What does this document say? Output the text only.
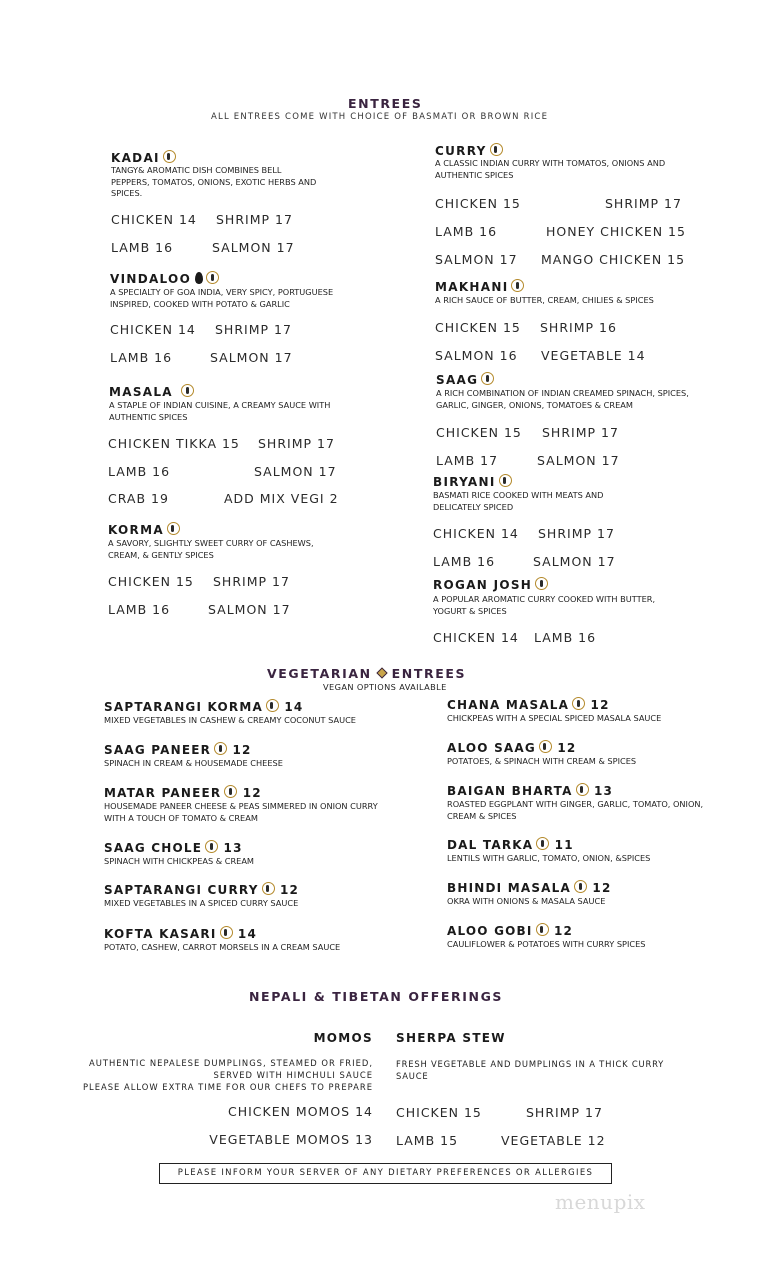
ENTREES
ALL ENTREES COME WITH CHOICE OF BASMATI OR BROWN RICE
KADAI
TANGY& AROMATIC DISH COMBINES BELL PEPPERS, TOMATOS, ONIONS, EXOTIC HERBS AND SPICES.
CHICKEN 14 SHRIMP 17
LAMB 16	SALMON 17
VINDALOO
A SPECIALTY OF GOA INDIA, VERY SPICY, PORTUGUESE INSPIRED, COOKED WITH POTATO & GARLIC
CHICKEN 14 SHRIMP 17
LAMB 16	SALMON 17
MASALA
A STAPLE OF INDIAN CUISINE, A CREAMY SAUCE WITH AUTHENTIC SPICES
CHICKEN TIKKA 15 SHRIMP 17
LAMB 16	SALMON 17
CRAB 19	ADD MIX VEGI 2
KORMA
A SAVORY, SLIGHTLY SWEET CURRY OF CASHEWS, CREAM, & GENTLY SPICES
CHICKEN 15 SHRIMP 17
LAMB 16	SALMON 17
CURRY
A CLASSIC INDIAN CURRY WITH TOMATOS, ONIONS AND AUTHENTIC SPICES
CHICKEN 15	SHRIMP 17
LAMB 16	HONEY CHICKEN 15
SALMON 17 MANGO CHICKEN 15
MAKHANI
A RICH SAUCE OF BUTTER, CREAM, CHILIES & SPICES
CHICKEN 15 SHRIMP 16
SALMON 16 VEGETABLE 14
SAAG
A RICH COMBINATION OF INDIAN CREAMED SPINACH, SPICES, GARLIC, GINGER, ONIONS, TOMATOES & CREAM
CHICKEN 15 SHRIMP 17
LAMB 17	SALMON 17
BIRYANI
BASMATI RICE COOKED WITH MEATS AND DELICATELY SPICED
CHICKEN 14 SHRIMP 17
LAMB 16	SALMON 17
ROGAN JOSH
A POPULAR AROMATIC CURRY COOKED WITH BUTTER, YOGURT & SPICES
CHICKEN 14 LAMB 16
VEGETARIAN ENTREES
VEGAN OPTIONS AVAILABLE
SAPTARANGI KORMA 14
MIXED VEGETABLES IN CASHEW & CREAMY COCONUT SAUCE
SAAG PANEER 12
SPINACH IN CREAM & HOUSEMADE CHEESE
MATAR PANEER 12
HOUSEMADE PANEER CHEESE & PEAS SIMMERED IN ONION CURRY WITH A TOUCH OF TOMATO & CREAM
SAAG CHOLE 13
SPINACH WITH CHICKPEAS & CREAM
SAPTARANGI CURRY 12
MIXED VEGETABLES IN A SPICED CURRY SAUCE
KOFTA KASARI 14
POTATO, CASHEW, CARROT MORSELS IN A CREAM SAUCE
CHANA MASALA 12
CHICKPEAS WITH A SPECIAL SPICED MASALA SAUCE
ALOO SAAG 12
POTATOES, & SPINACH WITH CREAM & SPICES
BAIGAN BHARTA 13
ROASTED EGGPLANT WITH GINGER, GARLIC, TOMATO, ONION, CREAM & SPICES
DAL TARKA 11
LENTILS WITH GARLIC, TOMATO, ONION, &SPICES
BHINDI MASALA 12
OKRA WITH ONIONS & MASALA SAUCE
ALOO GOBI 12
CAULIFLOWER & POTATOES WITH CURRY SPICES
NEPALI & TIBETAN OFFERINGS
MOMOS
AUTHENTIC NEPALESE DUMPLINGS, STEAMED OR FRIED,
SERVED WITH HIMCHULI SAUCE
PLEASE ALLOW EXTRA TIME FOR OUR CHEFS TO PREPARE
CHICKEN MOMOS 14
VEGETABLE MOMOS 13
SHERPA STEW
FRESH VEGETABLE AND DUMPLINGS IN A THICK CURRY SAUCE
CHICKEN 15	SHRIMP 17
LAMB 15	VEGETABLE 12
PLEASE INFORM YOUR SERVER OF ANY DIETARY PREFERENCES OR ALLERGIES
menupix
